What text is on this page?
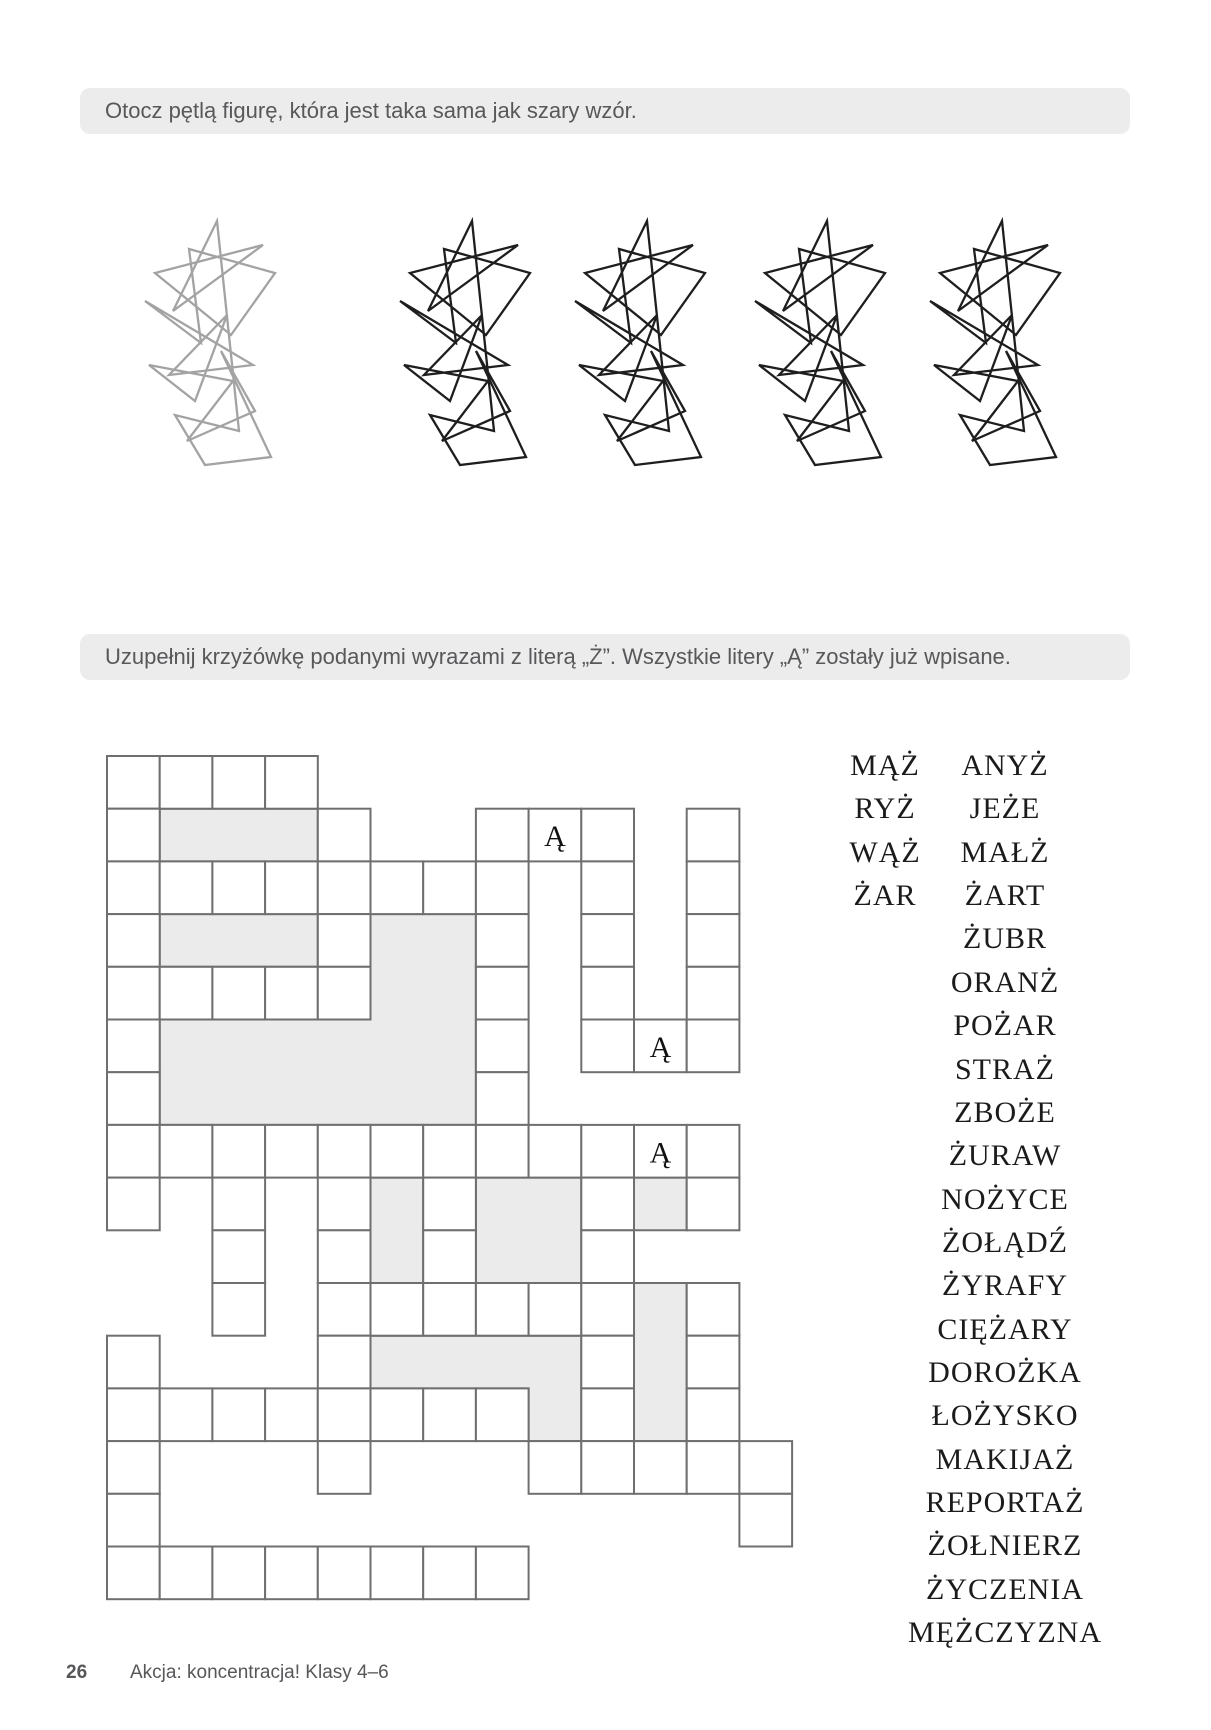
Otocz pętlą figurę, która jest taka sama jak szary wzór.
Uzupełnij krzyżówkę podanymi wyrazami z literą „Ż”. Wszystkie litery „Ą” zostały już wpisane.
Ą
Ą
Ą
MĄŻ ANYŻ
RYŻ JEŻE
WĄŻ MAŁŻ
ŻAR ŻART
ŻUBR
ORANŻ
POŻAR
STRAŻ
ZBOŻE
ŻURAW
NOŻYCE
ŻOŁĄDŹ
ŻYRAFY
CIĘŻARY
DOROŻKA
ŁOŻYSKO
MAKIJAŻ
REPORTAŻ
ŻOŁNIERZ
ŻYCZENIA
MĘŻCZYZNA
26 Akcja: koncentracja! Klasy 4–6
